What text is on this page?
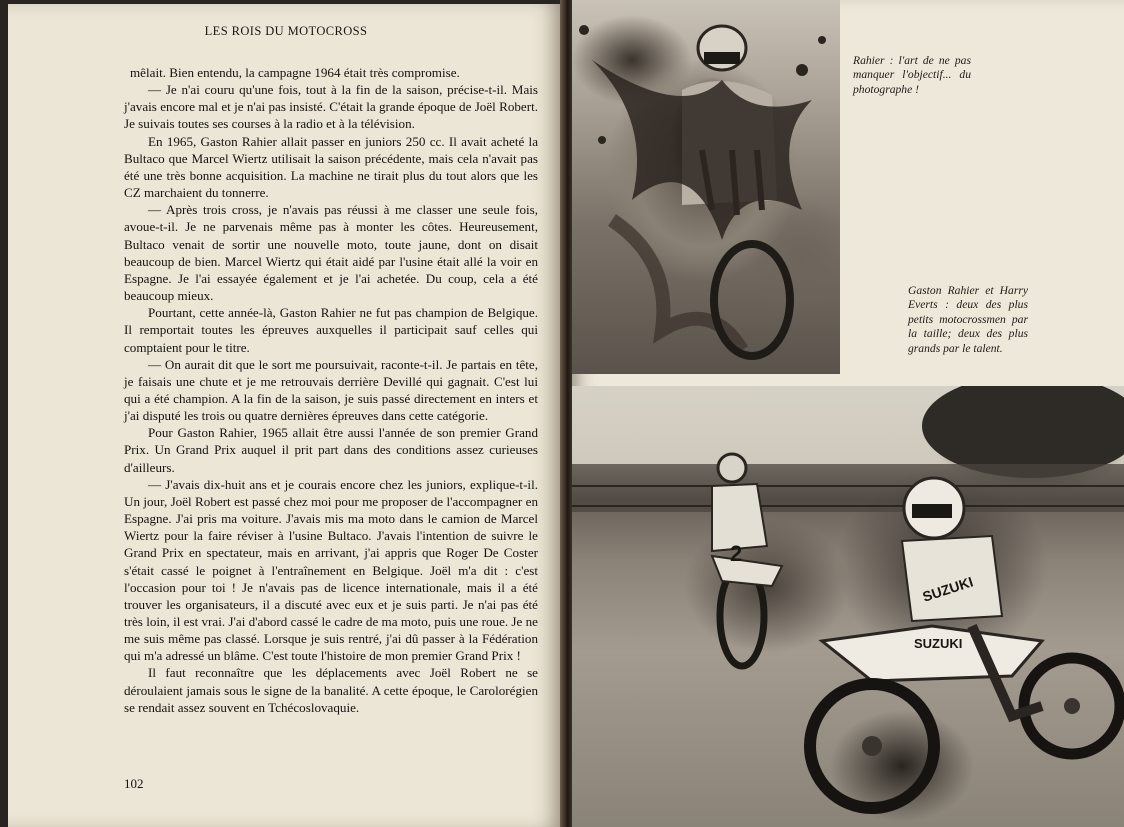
LES ROIS DU MOTOCROSS

mêlait. Bien entendu, la campagne 1964 était très compromise.

— Je n'ai couru qu'une fois, tout à la fin de la saison, précise-t-il. Mais j'avais encore mal et je n'ai pas insisté. C'était la grande époque de Joël Robert. Je suivais toutes ses courses à la radio et à la télévision.

En 1965, Gaston Rahier allait passer en juniors 250 cc. Il avait acheté la Bultaco que Marcel Wiertz utilisait la saison précédente, mais cela n'avait pas été une très bonne acquisition. La machine ne tirait plus du tout alors que les CZ marchaient du tonnerre.

— Après trois cross, je n'avais pas réussi à me classer une seule fois, avoue-t-il. Je ne parvenais même pas à monter les côtes. Heureusement, Bultaco venait de sortir une nouvelle moto, toute jaune, dont on disait beaucoup de bien. Marcel Wiertz qui était aidé par l'usine était allé la voir en Espagne. Je l'ai essayée également et je l'ai achetée. Du coup, cela a été beaucoup mieux.

Pourtant, cette année-là, Gaston Rahier ne fut pas champion de Belgique. Il remportait toutes les épreuves auxquelles il participait sauf celles qui comptaient pour le titre.

— On aurait dit que le sort me poursuivait, raconte-t-il. Je partais en tête, je faisais une chute et je me retrouvais derrière Devillé qui gagnait. C'est lui qui a été champion. A la fin de la saison, je suis passé directement en inters et j'ai disputé les trois ou quatre dernières épreuves dans cette catégorie.

Pour Gaston Rahier, 1965 allait être aussi l'année de son premier Grand Prix. Un Grand Prix auquel il prit part dans des conditions assez curieuses d'ailleurs.

— J'avais dix-huit ans et je courais encore chez les juniors, explique-t-il. Un jour, Joël Robert est passé chez moi pour me proposer de l'accompagner en Espagne. J'ai pris ma voiture. J'avais mis ma moto dans le camion de Marcel Wiertz pour la faire réviser à l'usine Bultaco. J'avais l'intention de suivre le Grand Prix en spectateur, mais en arrivant, j'ai appris que Roger De Coster s'était cassé le poignet à l'entraînement en Belgique. Joël m'a dit : c'est l'occasion pour toi ! Je n'avais pas de licence internationale, mais il a été trouver les organisateurs, il a discuté avec eux et je suis parti. Je n'ai pas été très loin, il est vrai. J'ai d'abord cassé le cadre de ma moto, puis une roue. Je ne me suis même pas classé. Lorsque je suis rentré, j'ai dû passer à la Fédération qui m'a adressé un blâme. C'est toute l'histoire de mon premier Grand Prix !

Il faut reconnaître que les déplacements avec Joël Robert ne se déroulaient jamais sous le signe de la banalité. A cette époque, le Carolorégien se rendait assez souvent en Tchécoslovaquie.

102
Rahier : l'art de ne pas manquer l'objectif... du photographe !
Gaston Rahier et Harry Everts : deux des plus petits motocrossmen par la taille; deux des plus grands par le talent.
2
SUZUKI
SUZUKI
